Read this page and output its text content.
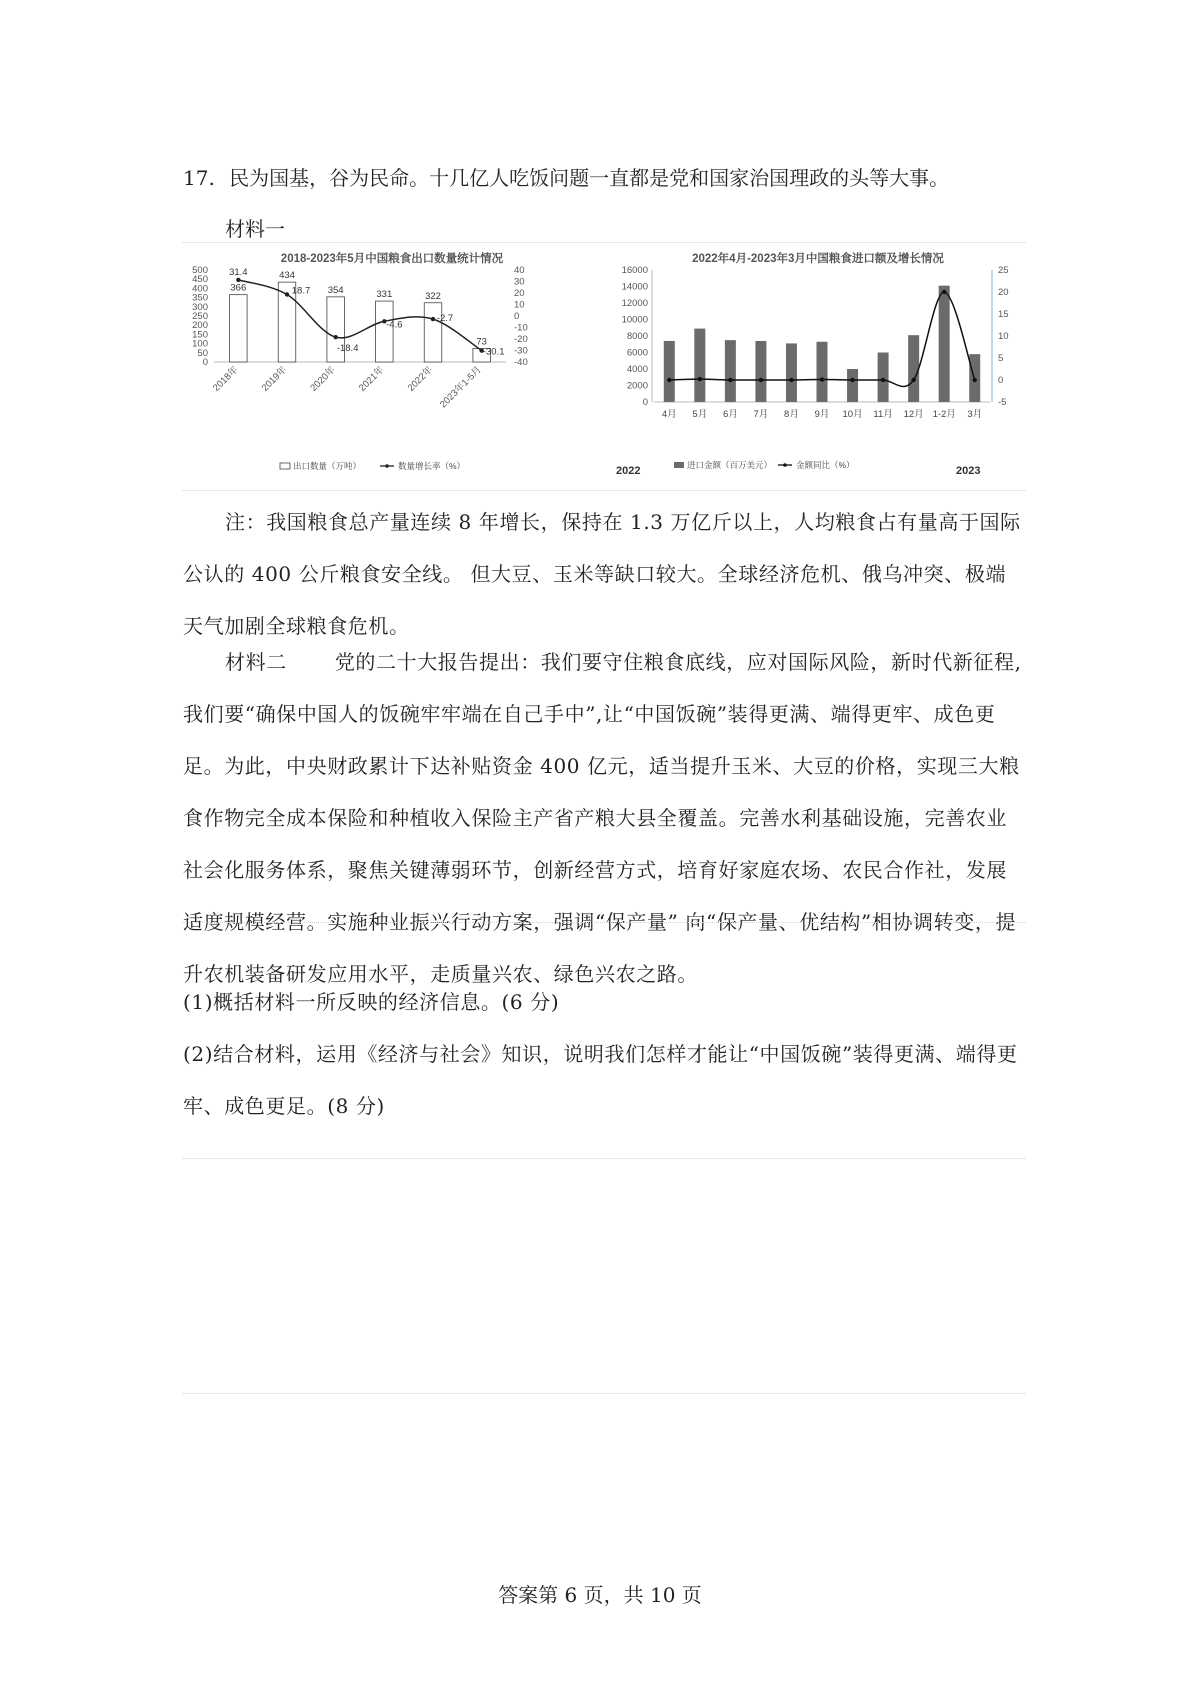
17. 民为国基，谷为民命。十几亿人吃饭问题一直都是党和国家治国理政的头等大事。
材料一
2018-2023年5月中国粮食出口数量统计情况
500
450
400
350
300
250
200
150
100
50
0
40
30
20
10
0
-10
-20
-30
-40
366
434
354	331	322
73
31.4
18.7
-18.4
-4.6
-2.7
-30.1
2018年 2019年 2020年 2021年 2022年 2023年1-5月
出口数量（万吨）	数量增长率（%）
2022年4月-2023年3月中国粮食进口额及增长情况
16000
14000
12000
10000
8000
6000
4000
2000
0
25
20
15
10
5
0
-5
4月 5月 6月 7月 8月 9月 10月 11月 12月 1-2月 3月
2022	2023
进口金额（百万美元）	金额同比（%）

注：我国粮食总产量连续 8 年增长，保持在 1.3 万亿斤以上，人均粮食占有量高于国际公认的 400 公斤粮食安全线。 但大豆、玉米等缺口较大。全球经济危机、俄乌冲突、极端天气加剧全球粮食危机。

材料二 党的二十大报告提出：我们要守住粮食底线，应对国际风险，新时代新征程,我们要“确保中国人的饭碗牢牢端在自己手中”,让“中国饭碗”装得更满、端得更牢、成色更足。为此，中央财政累计下达补贴资金 400 亿元，适当提升玉米、大豆的价格，实现三大粮食作物完全成本保险和种植收入保险主产省产粮大县全覆盖。完善水利基础设施，完善农业社会化服务体系，聚焦关键薄弱环节，创新经营方式，培育好家庭农场、农民合作社，发展适度规模经营。实施种业振兴行动方案，强调“保产量” 向“保产量、优结构”相协调转变，提升农机装备研发应用水平，走质量兴农、绿色兴农之路。

(1)概括材料一所反映的经济信息。(6 分)

(2)结合材料，运用《经济与社会》知识，说明我们怎样才能让“中国饭碗”装得更满、端得更牢、成色更足。(8 分)

答案第 6 页，共 10 页
